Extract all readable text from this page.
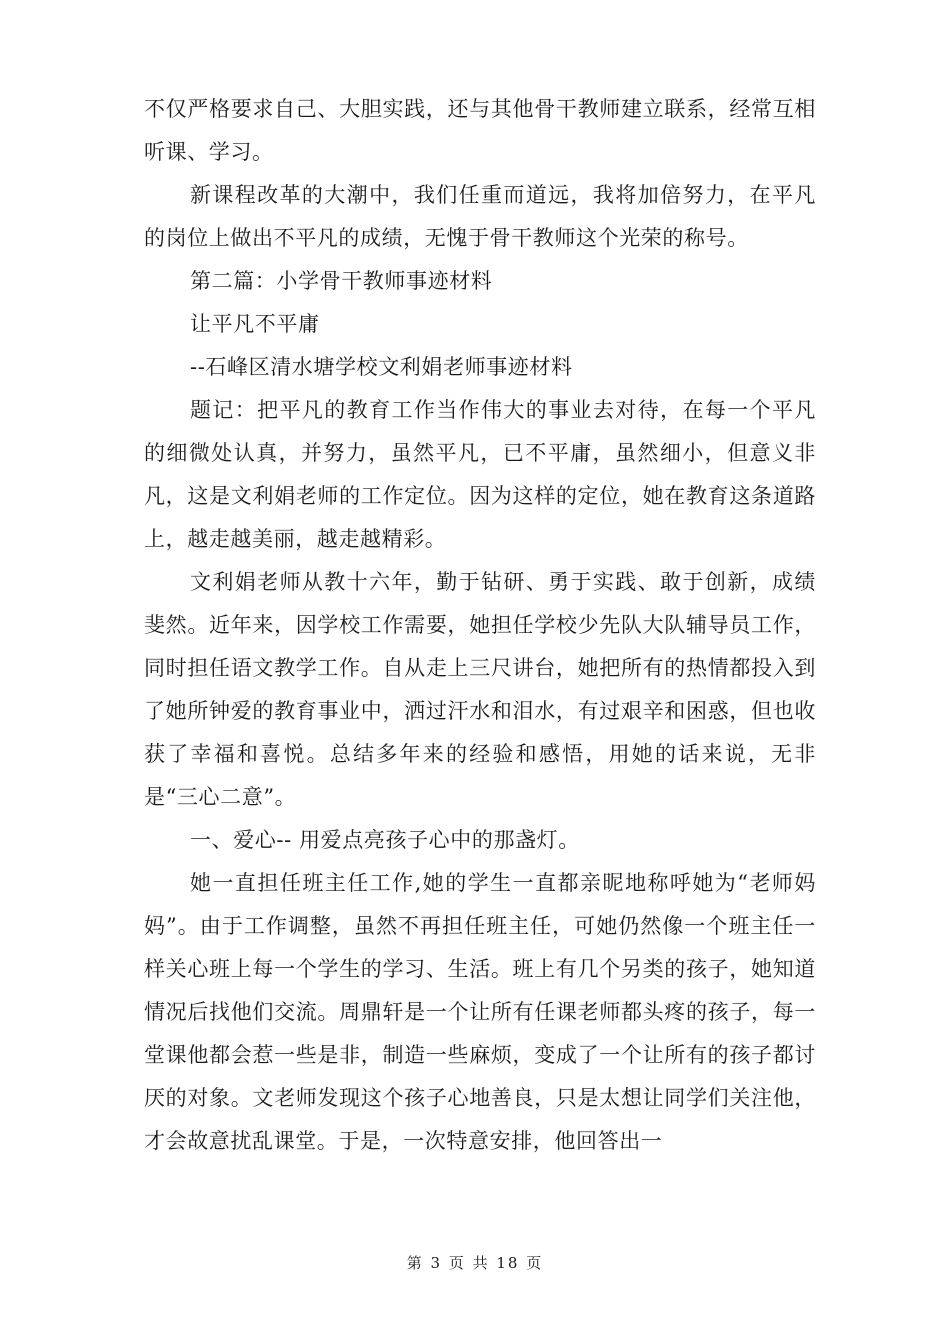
不仅严格要求自己、大胆实践，还与其他骨干教师建立联系，经常互相听课、学习。

新课程改革的大潮中，我们任重而道远，我将加倍努力，在平凡的岗位上做出不平凡的成绩，无愧于骨干教师这个光荣的称号。

第二篇：小学骨干教师事迹材料

让平凡不平庸

--石峰区清水塘学校文利娟老师事迹材料

题记：把平凡的教育工作当作伟大的事业去对待，在每一个平凡的细微处认真，并努力，虽然平凡，已不平庸，虽然细小，但意义非凡，这是文利娟老师的工作定位。因为这样的定位，她在教育这条道路上，越走越美丽，越走越精彩。

文利娟老师从教十六年，勤于钻研、勇于实践、敢于创新，成绩斐然。近年来，因学校工作需要，她担任学校少先队大队辅导员工作，同时担任语文教学工作。自从走上三尺讲台，她把所有的热情都投入到了她所钟爱的教育事业中，洒过汗水和泪水，有过艰辛和困惑，但也收获了幸福和喜悦。总结多年来的经验和感悟，用她的话来说，无非是“三心二意”。

一、爱心-- 用爱点亮孩子心中的那盏灯。

她一直担任班主任工作,她的学生一直都亲昵地称呼她为“老师妈妈”。由于工作调整，虽然不再担任班主任，可她仍然像一个班主任一样关心班上每一个学生的学习、生活。班上有几个另类的孩子，她知道情况后找他们交流。周鼎轩是一个让所有任课老师都头疼的孩子，每一堂课他都会惹一些是非，制造一些麻烦，变成了一个让所有的孩子都讨厌的对象。文老师发现这个孩子心地善良，只是太想让同学们关注他，才会故意扰乱课堂。于是，一次特意安排，他回答出一

第 3 页 共 18 页
